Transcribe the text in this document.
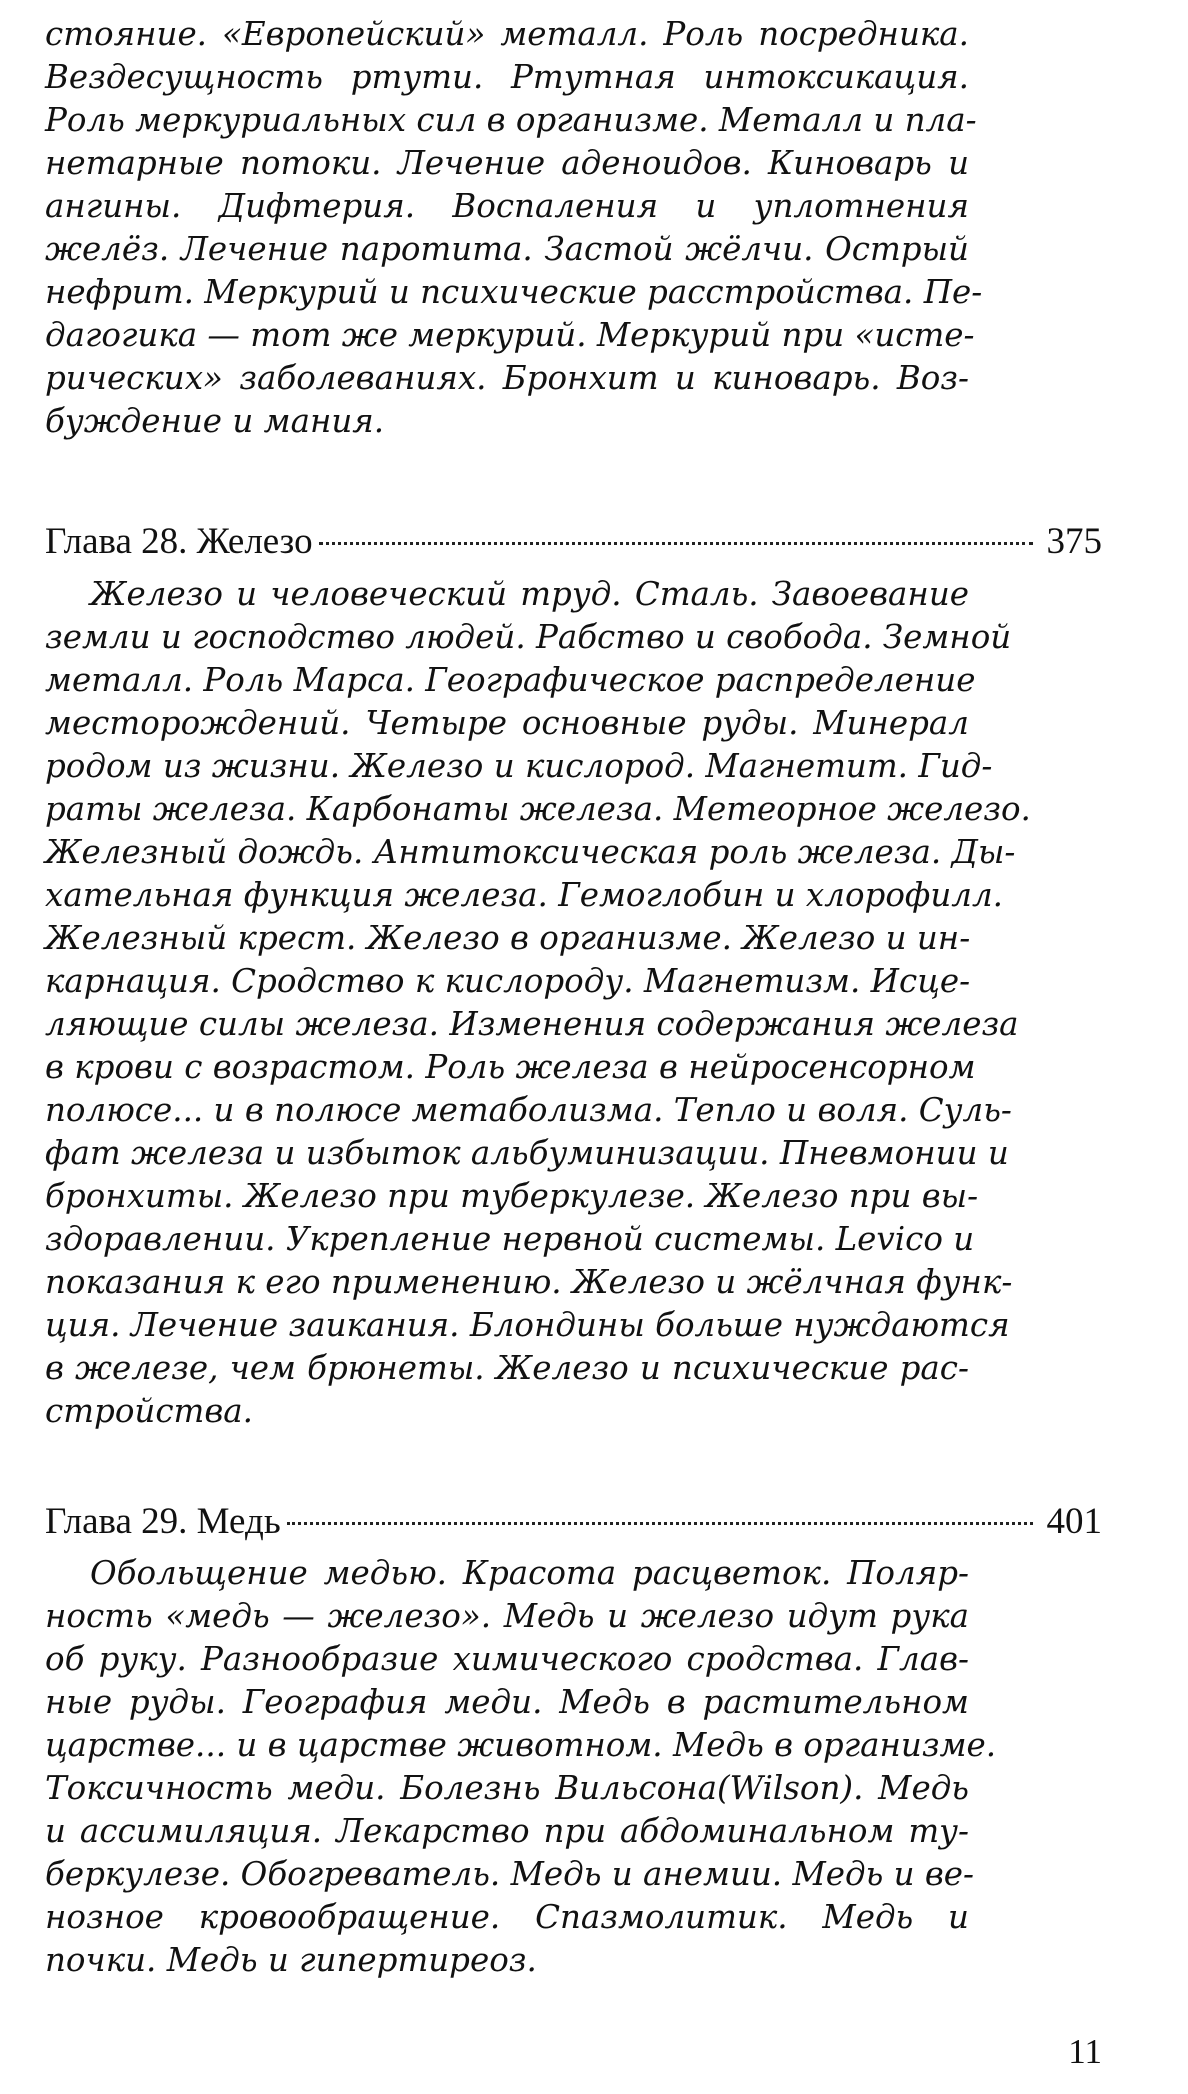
стояние. «Европейский» металл. Роль посредника.
Вездесущность ртути. Ртутная интоксикация.
Роль меркуриальных сил в организме. Металл и пла-
нетарные потоки. Лечение аденоидов. Киноварь и
ангины. Дифтерия. Воспаления и уплотнения
желёз. Лечение паротита. Застой жёлчи. Острый
нефрит. Меркурий и психические расстройства. Пе-
дагогика — тот же меркурий. Меркурий при «исте-
рических» заболеваниях. Бронхит и киноварь. Воз-
буждение и мания.
Глава 28. Железо	375
Железо и человеческий труд. Сталь. Завоевание
земли и господство людей. Рабство и свобода. Земной
металл. Роль Марса. Географическое распределение
месторождений. Четыре основные руды. Минерал
родом из жизни. Железо и кислород. Магнетит. Гид-
раты железа. Карбонаты железа. Метеорное железо.
Железный дождь. Антитоксическая роль железа. Ды-
хательная функция железа. Гемоглобин и хлорофилл.
Железный крест. Железо в организме. Железо и ин-
карнация. Сродство к кислороду. Магнетизм. Исце-
ляющие силы железа. Изменения содержания железа
в крови с возрастом. Роль железа в нейросенсорном
полюсе... и в полюсе метаболизма. Тепло и воля. Суль-
фат железа и избыток альбуминизации. Пневмонии и
бронхиты. Железо при туберкулезе. Железо при вы-
здоравлении. Укрепление нервной системы. Levico и
показания к его применению. Железо и жёлчная функ-
ция. Лечение заикания. Блондины больше нуждаются
в железе, чем брюнеты. Железо и психические рас-
стройства.
Глава 29. Медь	401
Обольщение медью. Красота расцветок. Поляр-
ность «медь — железо». Медь и железо идут рука
об руку. Разнообразие химического сродства. Глав-
ные руды. География меди. Медь в растительном
царстве... и в царстве животном. Медь в организме.
Токсичность меди. Болезнь Вильсона(Wilson). Медь
и ассимиляция. Лекарство при абдоминальном ту-
беркулезе. Обогреватель. Медь и анемии. Медь и ве-
нозное кровообращение. Спазмолитик. Медь и
почки. Медь и гипертиреоз.
11
